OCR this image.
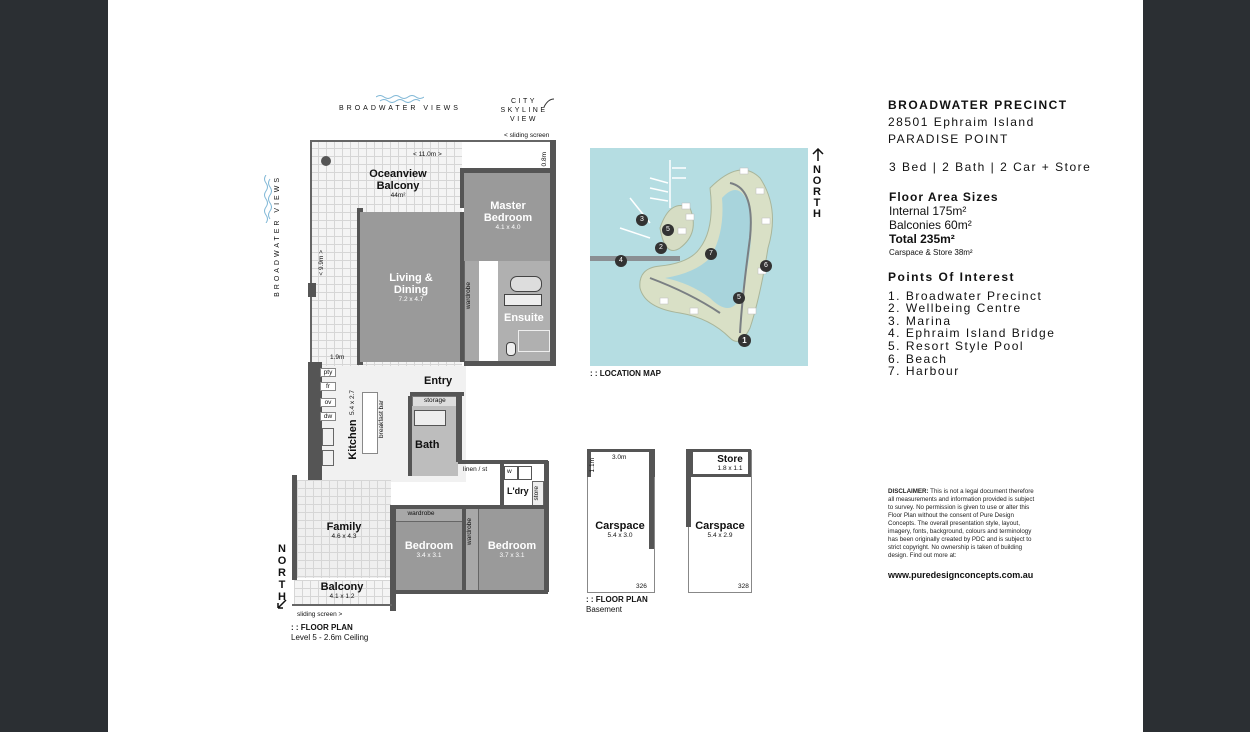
BROADWATER VIEWS
CITY SKYLINE VIEW
BROADWATER VIEWS
< sliding screen
< 11.0m >	0.8m
< 9.9m >
1.9m
Oceanview Balcony
44m²
Master Bedroom
4.1 x 4.0
Living & Dining
7.2 x 4.7	wardrobe
Ensuite
pty
fr
ov
dw
Kitchen 5.4 x 2.7	breakfast bar
Entry
storage
Bath
linen / st	w
L'dry store
Family
4.6 x 4.3
wardrobe
Bedroom
3.4 x 3.1
wardrobe
Bedroom
3.7 x 3.1
Balcony
4.1 x 1.2
sliding screen >
NORTH
: : FLOOR PLAN
Level 5 - 2.6m Ceiling
1
2
3
4
5
6
7
5
: : LOCATION MAP
NORTH
3.0m
1.1m
Carspace
5.4 x 3.0
326
Store
1.8 x 1.1
Carspace
5.4 x 2.9
328
: : FLOOR PLAN
Basement
BROADWATER PRECINCT
28501 Ephraim Island
PARADISE POINT
3 Bed | 2 Bath | 2 Car + Store
Floor Area Sizes
Internal 175m²
Balconies 60m²
Total 235m²
Carspace & Store 38m²
Points Of Interest
1. Broadwater Precinct
2. Wellbeing Centre
3. Marina
4. Ephraim Island Bridge
5. Resort Style Pool
6. Beach
7. Harbour
DISCLAIMER: This is not a legal document therefore all measurements and information provided is subject to survey. No permission is given to use or alter this Floor Plan without the consent of Pure Design Concepts. The overall presentation style, layout, imagery, fonts, background, colours and terminology has been originally created by PDC and is subject to strict copyright. No ownership is taken of building design. Find out more at:
www.puredesignconcepts.com.au
